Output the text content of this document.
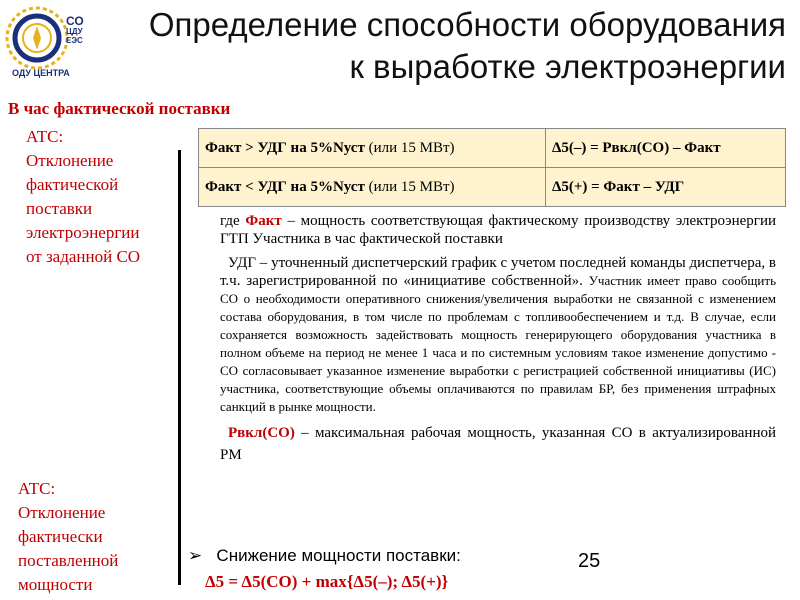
СО
ЦДУ
ЕЭС
ОДУ ЦЕНТРА
Определение способности оборудования
к выработке электроэнергии
В час фактической поставки
АТС:
Отклонение
фактической
поставки
электроэнергии
от заданной СО
Факт > УДГ на 5%Nуст (или 15 МВт)	Δ5(–) = Рвкл(СО) – Факт
Факт < УДГ на 5%Nуст (или 15 МВт)	Δ5(+) = Факт – УДГ

где Факт – мощность соответствующая фактическому производству электроэнергии ГТП Участника в час фактической поставки

УДГ – уточненный диспетчерский график с учетом последней команды диспетчера, в т.ч. зарегистрированной по «инициативе собственной». Участник имеет право сообщить СО о необходимости оперативного снижения/увеличения выработки не связанной с изменением состава оборудования, в том числе по проблемам с топливообеспечением и т.д. В случае, если сохраняется возможность задействовать мощность генерирующего оборудования участника в полном объеме на период не менее 1 часа и по системным условиям такое изменение допустимо - СО согласовывает указанное изменение выработки с регистрацией собственной инициативы (ИС) участника, соответствующие объемы оплачиваются по правилам БР, без применения штрафных санкций в рынке мощности.

Рвкл(СО) – максимальная рабочая мощность, указанная СО в актуализированной РМ

АТС:
Отклонение
фактически
поставленной
мощности
➢ Снижение мощности поставки:
Δ5 = Δ5(СО) + max{Δ5(–); Δ5(+)}
25
